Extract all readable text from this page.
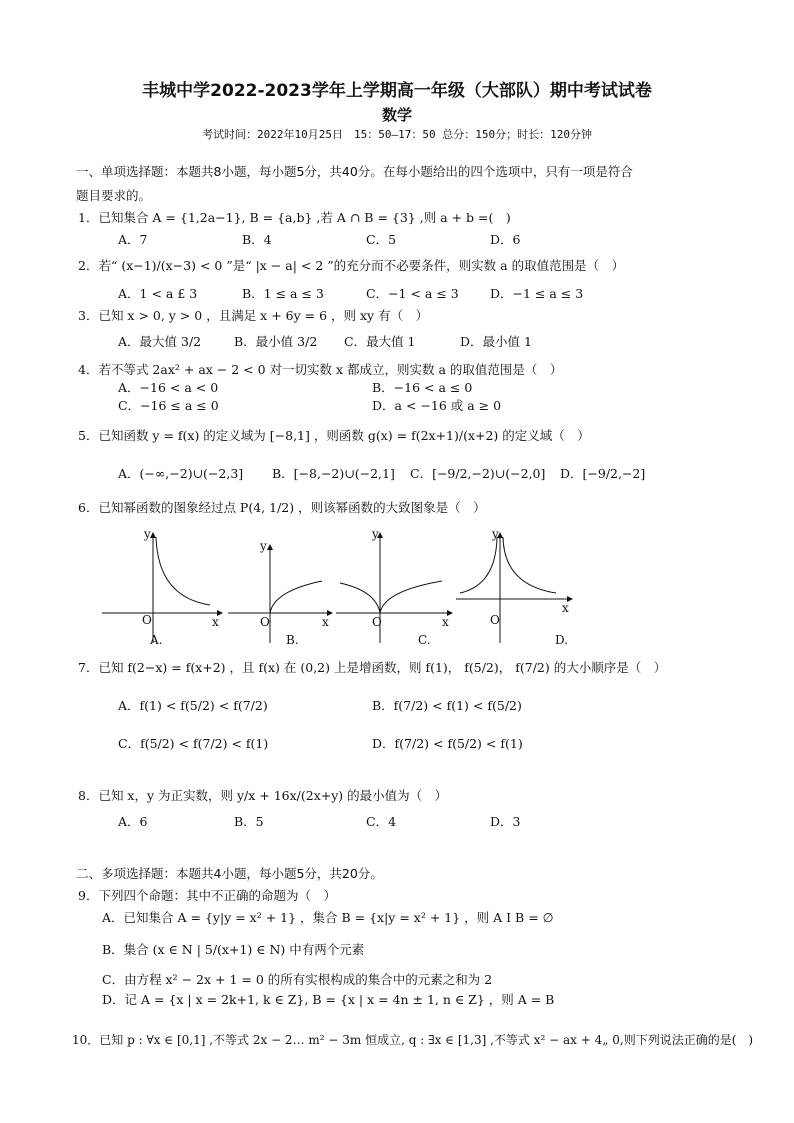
丰城中学2022-2023学年上学期高一年级（大部队）期中考试试卷
数学
考试时间：2022年10月25日　15：50—17：50 总分：150分；时长：120分钟
一、单项选择题：本题共8小题，每小题5分，共40分。在每小题给出的四个选项中，只有一项是符合
题目要求的。
1．已知集合 A = {1,2a−1}, B = {a,b} ,若 A ∩ B = {3} ,则 a + b =(　)
A．7	B．4	C．5	D．6
2．若“ (x−1)/(x−3) < 0 ”是“ |x − a| < 2 ”的充分而不必要条件，则实数 a 的取值范围是（　）
A．1 < a £ 3	B．1 ≤ a ≤ 3	C．−1 < a ≤ 3	D．−1 ≤ a ≤ 3
3．已知 x > 0, y > 0 ，且满足 x + 6y = 6 ，则 xy 有（　）
A．最大值 3/2	B．最小值 3/2 C．最大值 1	D．最小值 1
4．若不等式 2ax² + ax − 2 < 0 对一切实数 x 都成立，则实数 a 的取值范围是（　）
A．−16 < a < 0	B．−16 < a ≤ 0
C．−16 ≤ a ≤ 0	D．a < −16 或 a ≥ 0
5．已知函数 y = f(x) 的定义域为 [−8,1] ，则函数 g(x) = f(2x+1)/(x+2) 的定义域（　）
A．(−∞,−2)∪(−2,3] B．[−8,−2)∪(−2,1] C．[−9/2,−2)∪(−2,0] D．[−9/2,−2]
6．已知幂函数的图象经过点 P(4, 1/2) ，则该幂函数的大致图象是（　）
y
O	x
y
O	x
y
O	x
y
O
x
A.	B.	C.	D.
7．已知 f(2−x) = f(x+2) ，且 f(x) 在 (0,2) 上是增函数，则 f(1)， f(5/2)， f(7/2) 的大小顺序是（　）
A．f(1) < f(5/2) < f(7/2)	B．f(7/2) < f(1) < f(5/2)
C．f(5/2) < f(7/2) < f(1)	D．f(7/2) < f(5/2) < f(1)
8．已知 x，y 为正实数，则 y/x + 16x/(2x+y) 的最小值为（　）
A．6	B．5	C．4	D．3
二、多项选择题：本题共4小题，每小题5分，共20分。
9．下列四个命题：其中不正确的命题为（　）
A．已知集合 A = {y|y = x² + 1} ，集合 B = {x|y = x² + 1} ，则 A I B = ∅
B．集合 (x ∈ N | 5/(x+1) ∈ N) 中有两个元素
C．由方程 x² − 2x + 1 = 0 的所有实根构成的集合中的元素之和为 2
D．记 A = {x | x = 2k+1, k ∈ Z}, B = {x | x = 4n ± 1, n ∈ Z} ，则 A = B
10．已知 p : ∀x ∈ [0,1] ,不等式 2x − 2… m² − 3m 恒成立, q : ∃x ∈ [1,3] ,不等式 x² − ax + 4„ 0,则下列说法正确的是(　)
